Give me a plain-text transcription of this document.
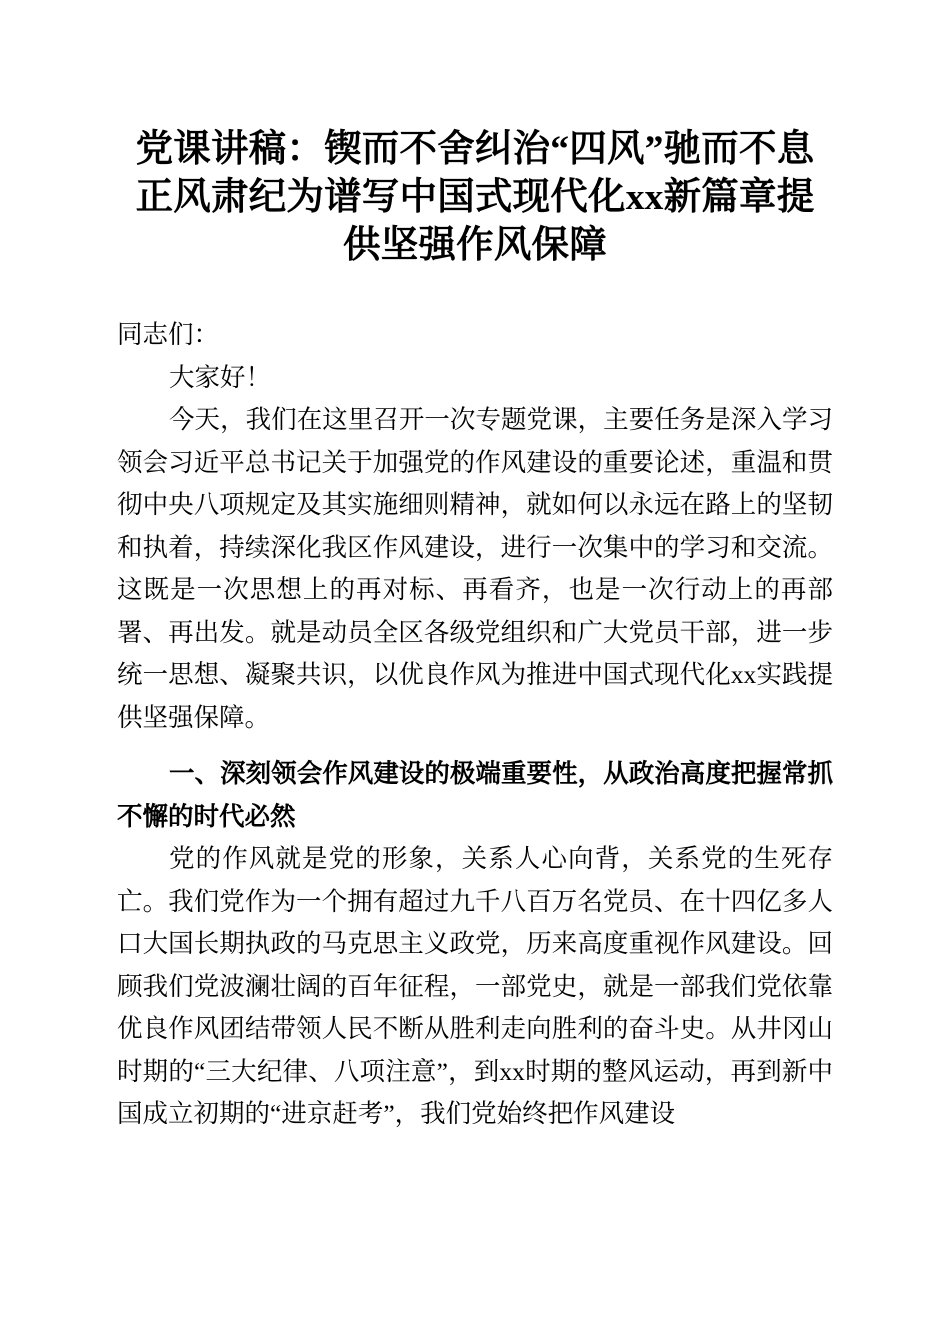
党课讲稿：锲而不舍纠治“四风”驰而不息正风肃纪为谱写中国式现代化xx新篇章提供坚强作风保障

同志们：

大家好！

今天，我们在这里召开一次专题党课，主要任务是深入学习领会习近平总书记关于加强党的作风建设的重要论述，重温和贯彻中央八项规定及其实施细则精神，就如何以永远在路上的坚韧和执着，持续深化我区作风建设，进行一次集中的学习和交流。这既是一次思想上的再对标、再看齐，也是一次行动上的再部署、再出发。就是动员全区各级党组织和广大党员干部，进一步统一思想、凝聚共识，以优良作风为推进中国式现代化xx实践提供坚强保障。

一、深刻领会作风建设的极端重要性，从政治高度把握常抓不懈的时代必然

党的作风就是党的形象，关系人心向背，关系党的生死存亡。我们党作为一个拥有超过九千八百万名党员、在十四亿多人口大国长期执政的马克思主义政党，历来高度重视作风建设。回顾我们党波澜壮阔的百年征程，一部党史，就是一部我们党依靠优良作风团结带领人民不断从胜利走向胜利的奋斗史。从井冈山时期的“三大纪律、八项注意”，到xx时期的整风运动，再到新中国成立初期的“进京赶考”，我们党始终把作风建设
